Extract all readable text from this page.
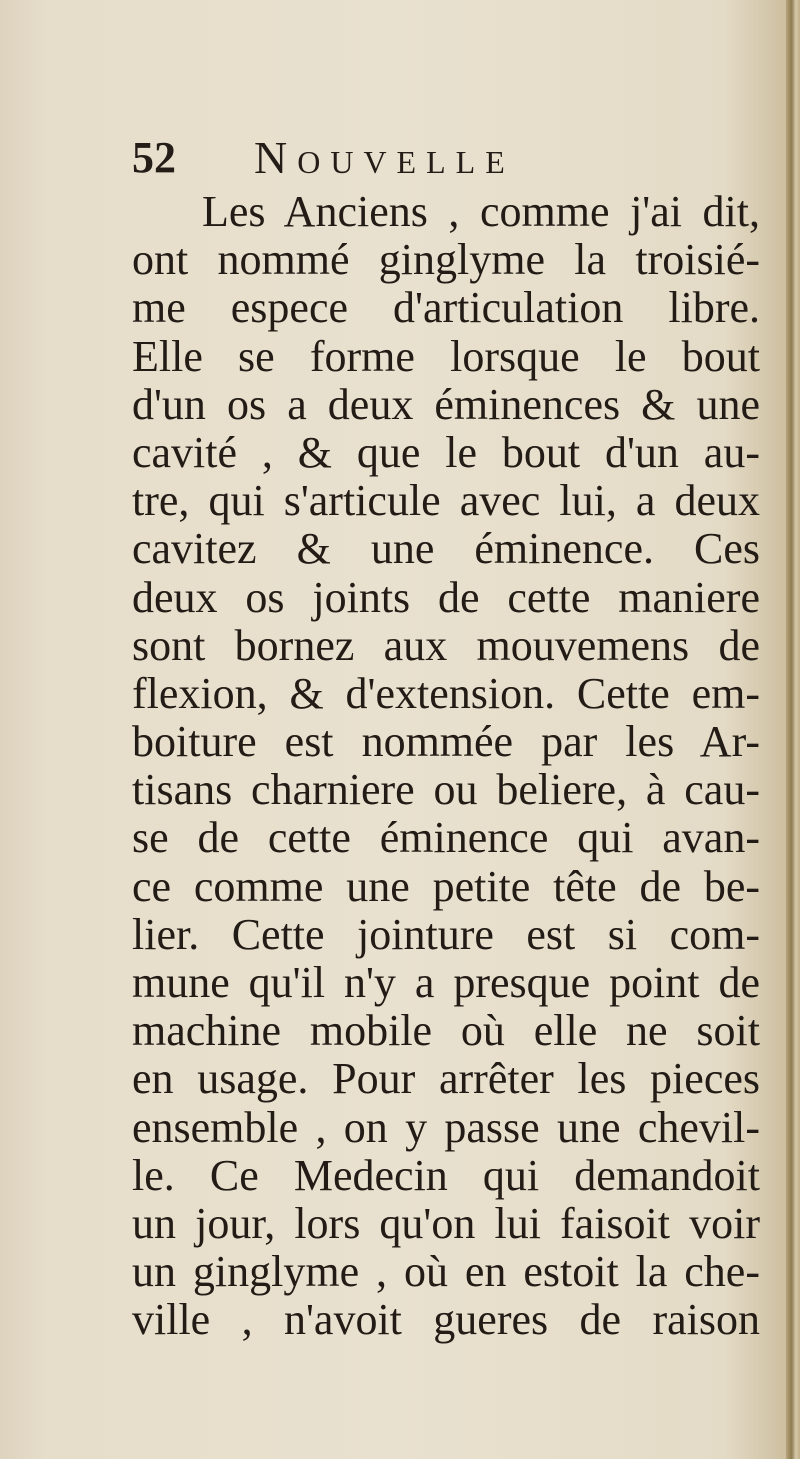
52 Nouvelle
Les Anciens , comme j'ai dit,
ont nommé ginglyme la troisié-
me espece d'articulation libre.
Elle se forme lorsque le bout
d'un os a deux éminences & une
cavité , & que le bout d'un au-
tre, qui s'articule avec lui, a deux
cavitez & une éminence. Ces
deux os joints de cette maniere
sont bornez aux mouvemens de
flexion, & d'extension. Cette em-
boiture est nommée par les Ar-
tisans charniere ou beliere, à cau-
se de cette éminence qui avan-
ce comme une petite tête de be-
lier. Cette jointure est si com-
mune qu'il n'y a presque point de
machine mobile où elle ne soit
en usage. Pour arrêter les pieces
ensemble , on y passe une chevil-
le. Ce Medecin qui demandoit
un jour, lors qu'on lui faisoit voir
un ginglyme , où en estoit la che-
ville , n'avoit gueres de raison
